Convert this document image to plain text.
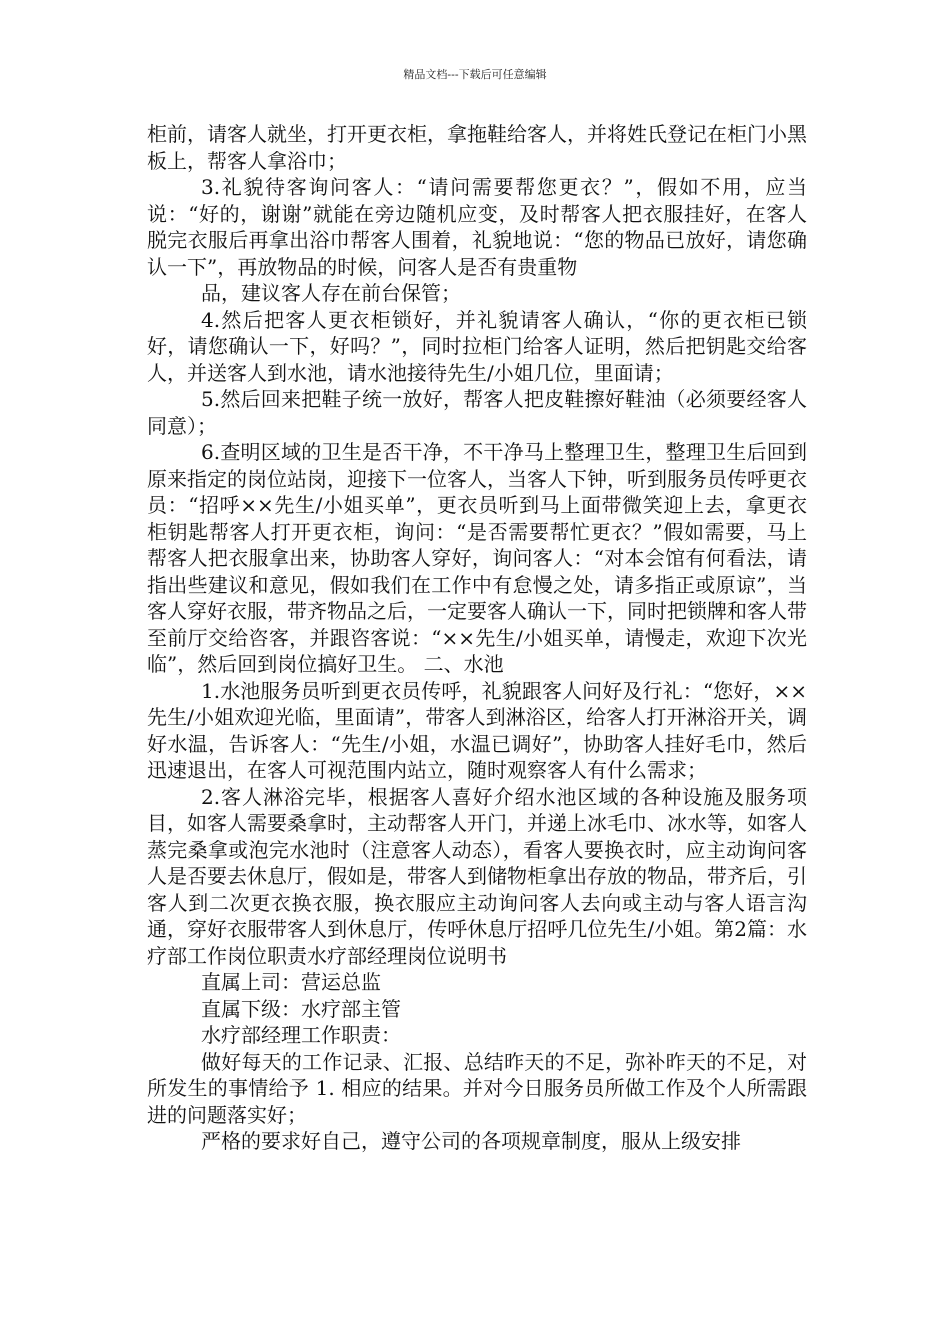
精品文档---下载后可任意编辑

柜前，请客人就坐，打开更衣柜，拿拖鞋给客人，并将姓氏登记在柜门小黑板上，帮客人拿浴巾；

3.礼貌待客询问客人：“请问需要帮您更衣？”，假如不用，应当说：“好的，谢谢”就能在旁边随机应变，及时帮客人把衣服挂好，在客人脱完衣服后再拿出浴巾帮客人围着，礼貌地说：“您的物品已放好，请您确认一下”，再放物品的时候，问客人是否有贵重物

品，建议客人存在前台保管；

4.然后把客人更衣柜锁好，并礼貌请客人确认，“你的更衣柜已锁好，请您确认一下，好吗？”，同时拉柜门给客人证明，然后把钥匙交给客人，并送客人到水池，请水池接待先生/小姐几位，里面请；

5.然后回来把鞋子统一放好，帮客人把皮鞋擦好鞋油（必须要经客人同意）；

6.查明区域的卫生是否干净，不干净马上整理卫生，整理卫生后回到原来指定的岗位站岗，迎接下一位客人，当客人下钟，听到服务员传呼更衣员：“招呼××先生/小姐买单”，更衣员听到马上面带微笑迎上去，拿更衣柜钥匙帮客人打开更衣柜，询问：“是否需要帮忙更衣？”假如需要，马上帮客人把衣服拿出来，协助客人穿好，询问客人：“对本会馆有何看法，请指出些建议和意见，假如我们在工作中有怠慢之处，请多指正或原谅”，当客人穿好衣服，带齐物品之后，一定要客人确认一下，同时把锁牌和客人带至前厅交给咨客，并跟咨客说：“××先生/小姐买单，请慢走，欢迎下次光临”，然后回到岗位搞好卫生。 二、水池

1.水池服务员听到更衣员传呼，礼貌跟客人问好及行礼：“您好，××先生/小姐欢迎光临，里面请”，带客人到淋浴区，给客人打开淋浴开关，调好水温，告诉客人：“先生/小姐，水温已调好”，协助客人挂好毛巾，然后迅速退出，在客人可视范围内站立，随时观察客人有什么需求；

2.客人淋浴完毕，根据客人喜好介绍水池区域的各种设施及服务项目，如客人需要桑拿时，主动帮客人开门，并递上冰毛巾、冰水等，如客人蒸完桑拿或泡完水池时（注意客人动态），看客人要换衣时，应主动询问客人是否要去休息厅，假如是，带客人到储物柜拿出存放的物品，带齐后，引客人到二次更衣换衣服，换衣服应主动询问客人去向或主动与客人语言沟通，穿好衣服带客人到休息厅，传呼休息厅招呼几位先生/小姐。第2篇：水疗部工作岗位职责水疗部经理岗位说明书

直属上司：营运总监

直属下级：水疗部主管

水疗部经理工作职责：

做好每天的工作记录、汇报、总结昨天的不足，弥补昨天的不足，对所发生的事情给予 1. 相应的结果。并对今日服务员所做工作及个人所需跟进的问题落实好；

严格的要求好自己，遵守公司的各项规章制度，服从上级安排
